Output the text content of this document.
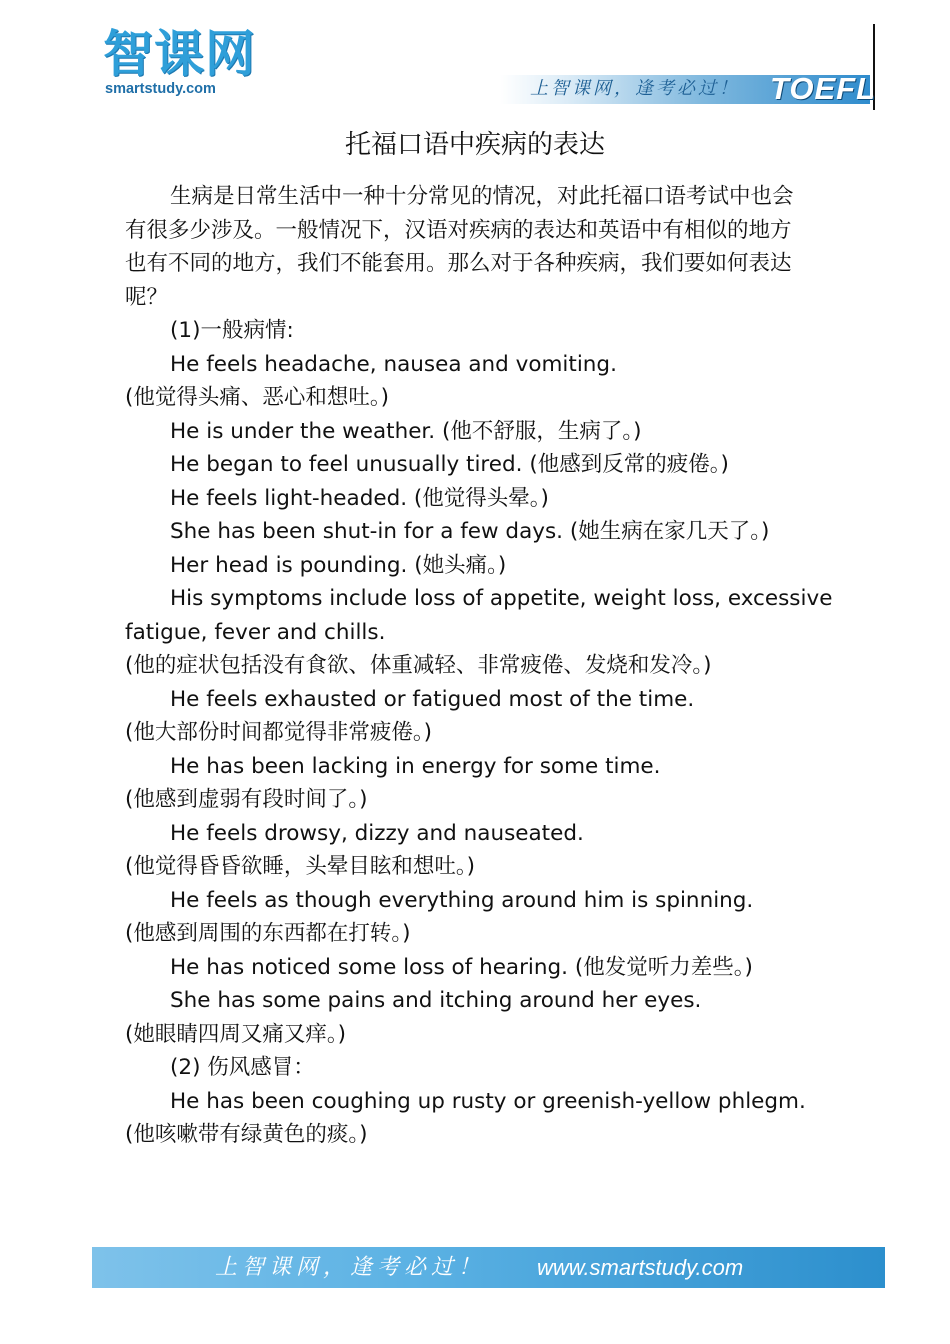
智课网
smartstudy.com	上智课网，逢考必过！ TOEFL
托福口语中疾病的表达
生病是日常生活中一种十分常见的情况，对此托福口语考试中也会
有很多少涉及。一般情况下，汉语对疾病的表达和英语中有相似的地方
也有不同的地方，我们不能套用。那么对于各种疾病，我们要如何表达
呢？
(1)一般病情:
He feels headache, nausea and vomiting.
(他觉得头痛、恶心和想吐。)
He is under the weather. (他不舒服，生病了。)
He began to feel unusually tired. (他感到反常的疲倦。)
He feels light-headed. (他觉得头晕。)
She has been shut-in for a few days. (她生病在家几天了。)
Her head is pounding. (她头痛。)
His symptoms include loss of appetite, weight loss, excessive
fatigue, fever and chills.
(他的症状包括没有食欲、体重减轻、非常疲倦、发烧和发冷。)
He feels exhausted or fatigued most of the time.
(他大部份时间都觉得非常疲倦。)
He has been lacking in energy for some time.
(他感到虚弱有段时间了。)
He feels drowsy, dizzy and nauseated.
(他觉得昏昏欲睡，头晕目眩和想吐。)
He feels as though everything around him is spinning.
(他感到周围的东西都在打转。)
He has noticed some loss of hearing. (他发觉听力差些。)
She has some pains and itching around her eyes.
(她眼睛四周又痛又痒。)
(2) 伤风感冒：
He has been coughing up rusty or greenish-yellow phlegm.
(他咳嗽带有绿黄色的痰。)
上智课网，逢考必过！ www.smartstudy.com
